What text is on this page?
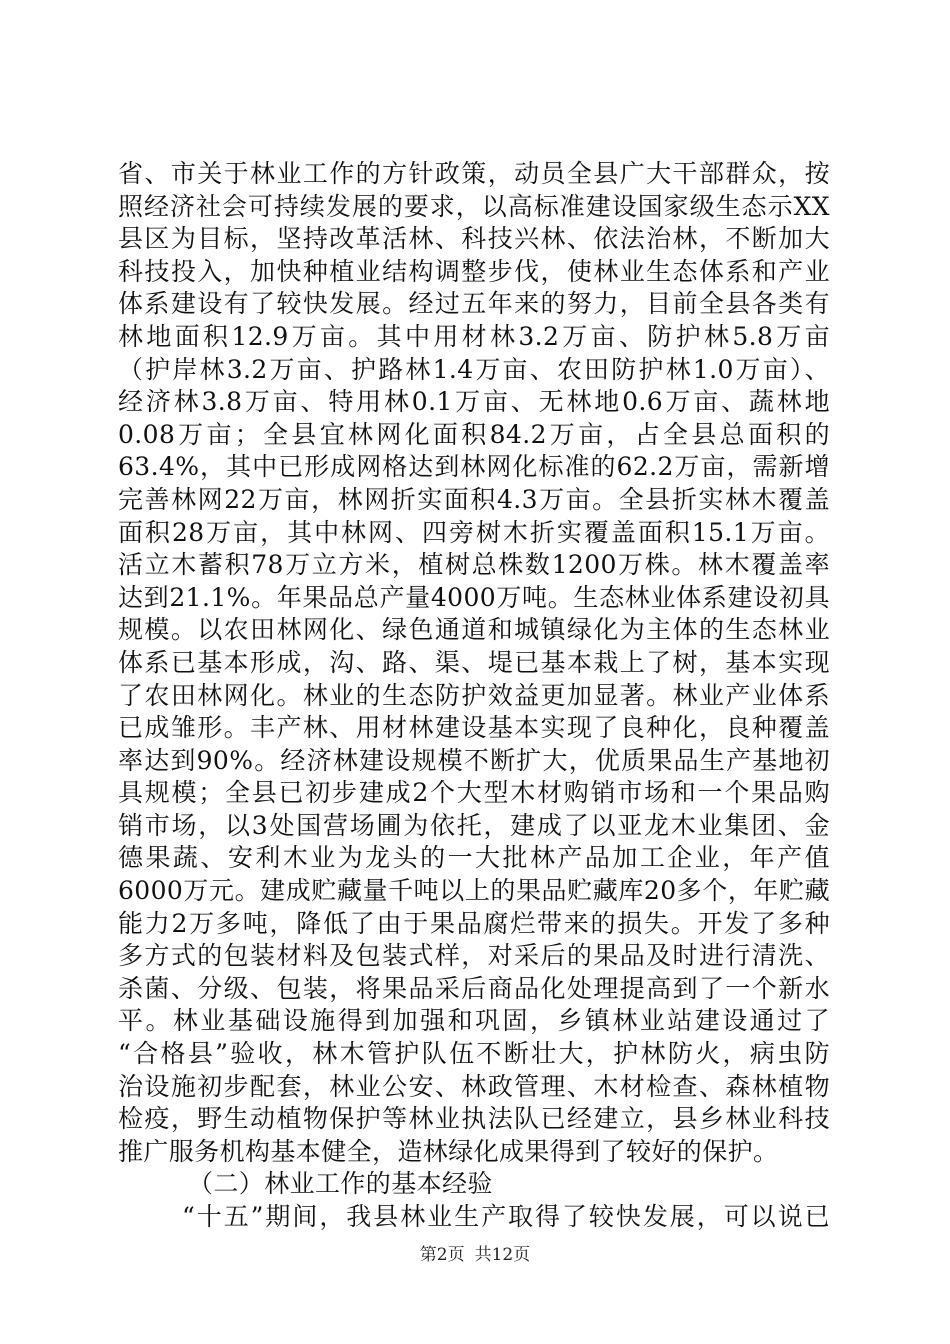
省、市关于林业工作的方针政策，动员全县广大干部群众，按
照经济社会可持续发展的要求，以高标准建设国家级生态示XX
县区为目标，坚持改革活林、科技兴林、依法治林，不断加大
科技投入，加快种植业结构调整步伐，使林业生态体系和产业
体系建设有了较快发展。经过五年来的努力，目前全县各类有
林地面积12.9万亩。其中用材林3.2万亩、防护林5.8万亩
（护岸林3.2万亩、护路林1.4万亩、农田防护林1.0万亩）、
经济林3.8万亩、特用林0.1万亩、无林地0.6万亩、蔬林地
0.08万亩；全县宜林网化面积84.2万亩，占全县总面积的
63.4%，其中已形成网格达到林网化标准的62.2万亩，需新增
完善林网22万亩，林网折实面积4.3万亩。全县折实林木覆盖
面积28万亩，其中林网、四旁树木折实覆盖面积15.1万亩。
活立木蓄积78万立方米，植树总株数1200万株。林木覆盖率
达到21.1%。年果品总产量4000万吨。生态林业体系建设初具
规模。以农田林网化、绿色通道和城镇绿化为主体的生态林业
体系已基本形成，沟、路、渠、堤已基本栽上了树，基本实现
了农田林网化。林业的生态防护效益更加显著。林业产业体系
已成雏形。丰产林、用材林建设基本实现了良种化，良种覆盖
率达到90%。经济林建设规模不断扩大，优质果品生产基地初
具规模；全县已初步建成2个大型木材购销市场和一个果品购
销市场，以3处国营场圃为依托，建成了以亚龙木业集团、金
德果蔬、安利木业为龙头的一大批林产品加工企业，年产值
6000万元。建成贮藏量千吨以上的果品贮藏库20多个，年贮藏
能力2万多吨，降低了由于果品腐烂带来的损失。开发了多种
多方式的包装材料及包装式样，对采后的果品及时进行清洗、
杀菌、分级、包装，将果品采后商品化处理提高到了一个新水
平。林业基础设施得到加强和巩固，乡镇林业站建设通过了
“合格县”验收，林木管护队伍不断壮大，护林防火，病虫防
治设施初步配套，林业公安、林政管理、木材检查、森林植物
检疫，野生动植物保护等林业执法队已经建立，县乡林业科技
推广服务机构基本健全，造林绿化成果得到了较好的保护。
（二）林业工作的基本经验
“十五”期间，我县林业生产取得了较快发展，可以说已
第2页 共12页
